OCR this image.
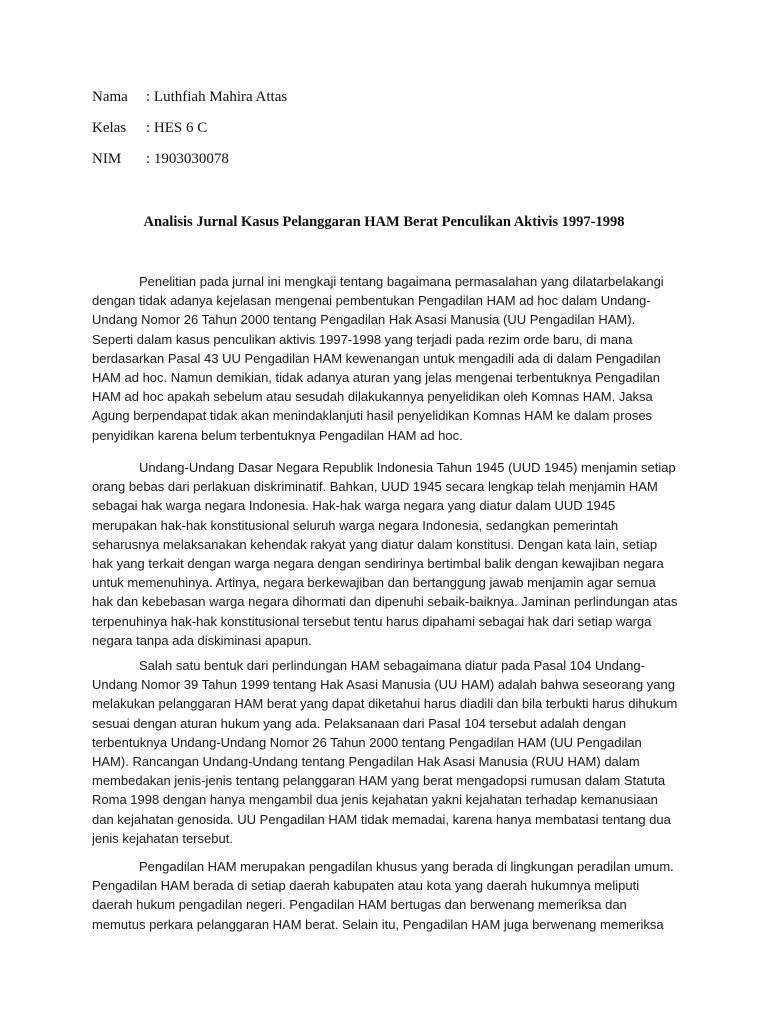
Nama : Luthfiah Mahira Attas
Kelas : HES 6 C
NIM : 1903030078
Analisis Jurnal Kasus Pelanggaran HAM Berat Penculikan Aktivis 1997-1998

Penelitian pada jurnal ini mengkaji tentang bagaimana permasalahan yang dilatarbelakangi dengan tidak adanya kejelasan mengenai pembentukan Pengadilan HAM ad hoc dalam Undang-Undang Nomor 26 Tahun 2000 tentang Pengadilan Hak Asasi Manusia (UU Pengadilan HAM). Seperti dalam kasus penculikan aktivis 1997-1998 yang terjadi pada rezim orde baru, di mana berdasarkan Pasal 43 UU Pengadilan HAM kewenangan untuk mengadili ada di dalam Pengadilan HAM ad hoc. Namun demikian, tidak adanya aturan yang jelas mengenai terbentuknya Pengadilan HAM ad hoc apakah sebelum atau sesudah dilakukannya penyelidikan oleh Komnas HAM. Jaksa Agung berpendapat tidak akan menindaklanjuti hasil penyelidikan Komnas HAM ke dalam proses penyidikan karena belum terbentuknya Pengadilan HAM ad hoc.

Undang-Undang Dasar Negara Republik Indonesia Tahun 1945 (UUD 1945) menjamin setiap orang bebas dari perlakuan diskriminatif. Bahkan, UUD 1945 secara lengkap telah menjamin HAM sebagai hak warga negara Indonesia. Hak-hak warga negara yang diatur dalam UUD 1945 merupakan hak-hak konstitusional seluruh warga negara Indonesia, sedangkan pemerintah seharusnya melaksanakan kehendak rakyat yang diatur dalam konstitusi. Dengan kata lain, setiap hak yang terkait dengan warga negara dengan sendirinya bertimbal balik dengan kewajiban negara untuk memenuhinya. Artinya, negara berkewajiban dan bertanggung jawab menjamin agar semua hak dan kebebasan warga negara dihormati dan dipenuhi sebaik-baiknya. Jaminan perlindungan atas terpenuhinya hak-hak konstitusional tersebut tentu harus dipahami sebagai hak dari setiap warga negara tanpa ada diskiminasi apapun.

Salah satu bentuk dari perlindungan HAM sebagaimana diatur pada Pasal 104 Undang-Undang Nomor 39 Tahun 1999 tentang Hak Asasi Manusia (UU HAM) adalah bahwa seseorang yang melakukan pelanggaran HAM berat yang dapat diketahui harus diadili dan bila terbukti harus dihukum sesuai dengan aturan hukum yang ada. Pelaksanaan dari Pasal 104 tersebut adalah dengan terbentuknya Undang-Undang Nomor 26 Tahun 2000 tentang Pengadilan HAM (UU Pengadilan HAM). Rancangan Undang-Undang tentang Pengadilan Hak Asasi Manusia (RUU HAM) dalam membedakan jenis-jenis tentang pelanggaran HAM yang berat mengadopsi rumusan dalam Statuta Roma 1998 dengan hanya mengambil dua jenis kejahatan yakni kejahatan terhadap kemanusiaan dan kejahatan genosida. UU Pengadilan HAM tidak memadai, karena hanya membatasi tentang dua jenis kejahatan tersebut.

Pengadilan HAM merupakan pengadilan khusus yang berada di lingkungan peradilan umum. Pengadilan HAM berada di setiap daerah kabupaten atau kota yang daerah hukumnya meliputi daerah hukum pengadilan negeri. Pengadilan HAM bertugas dan berwenang memeriksa dan memutus perkara pelanggaran HAM berat. Selain itu, Pengadilan HAM juga berwenang memeriksa
